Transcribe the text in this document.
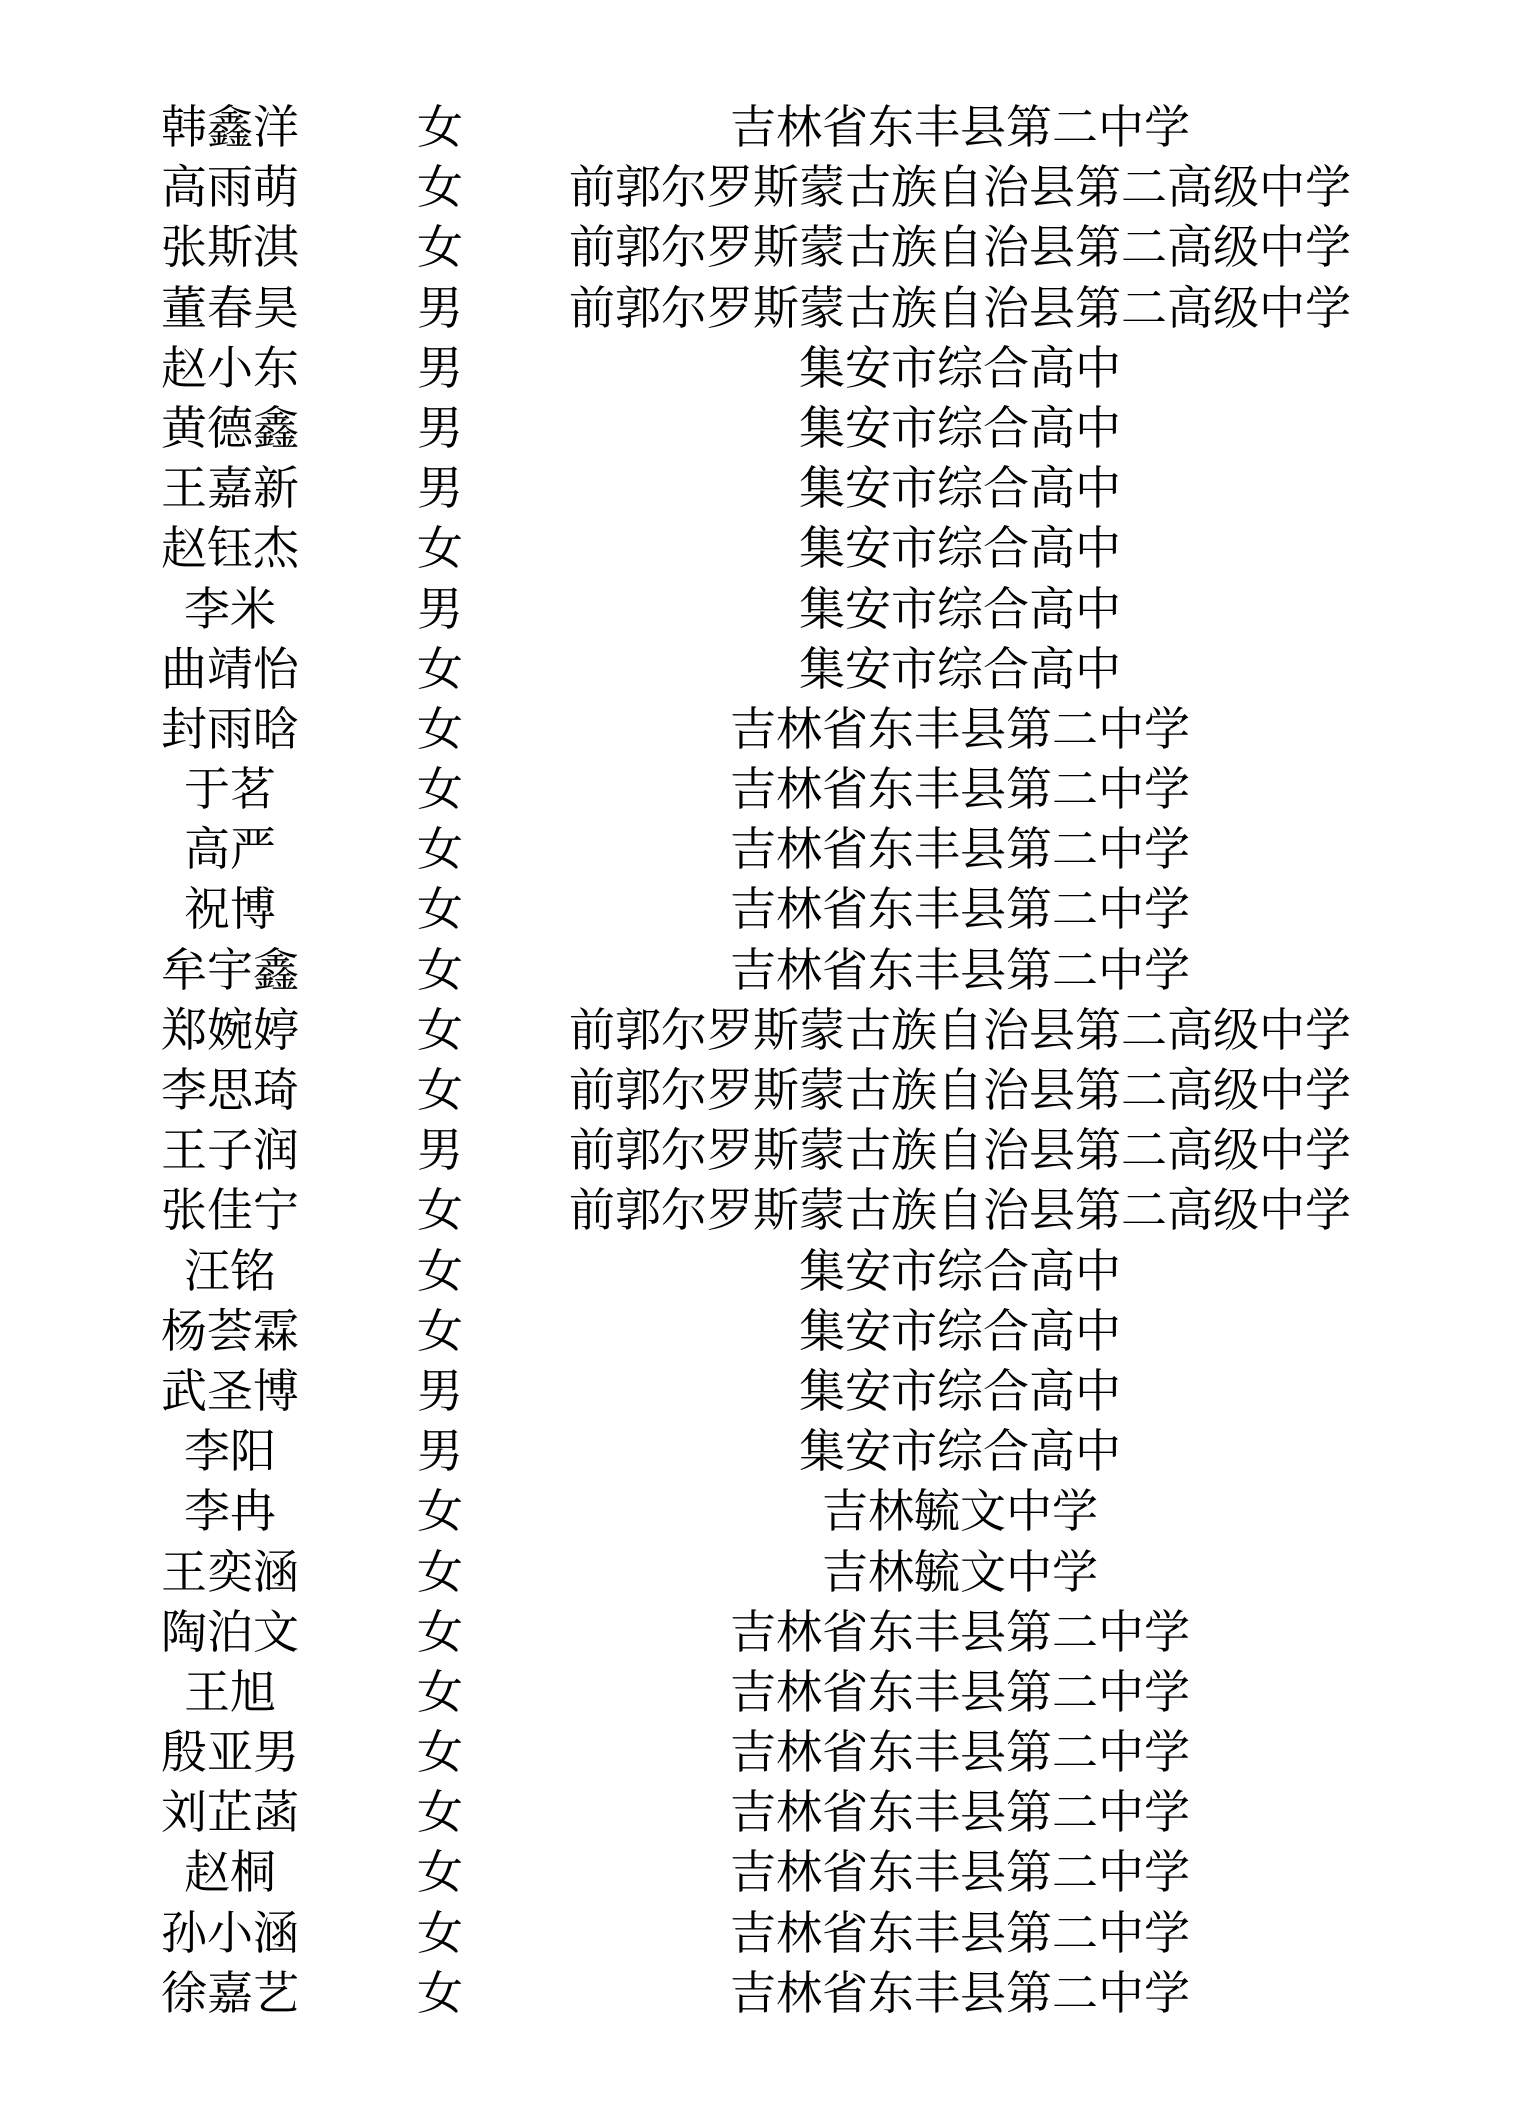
韩鑫洋	女	吉林省东丰县第二中学
高雨萌	女	前郭尔罗斯蒙古族自治县第二高级中学
张斯淇	女	前郭尔罗斯蒙古族自治县第二高级中学
董春昊	男	前郭尔罗斯蒙古族自治县第二高级中学
赵小东	男	集安市综合高中
黄德鑫	男	集安市综合高中
王嘉新	男	集安市综合高中
赵钰杰	女	集安市综合高中
李米	男	集安市综合高中
曲靖怡	女	集安市综合高中
封雨晗	女	吉林省东丰县第二中学
于茗	女	吉林省东丰县第二中学
高严	女	吉林省东丰县第二中学
祝博	女	吉林省东丰县第二中学
牟宇鑫	女	吉林省东丰县第二中学
郑婉婷	女	前郭尔罗斯蒙古族自治县第二高级中学
李思琦	女	前郭尔罗斯蒙古族自治县第二高级中学
王子润	男	前郭尔罗斯蒙古族自治县第二高级中学
张佳宁	女	前郭尔罗斯蒙古族自治县第二高级中学
汪铭	女	集安市综合高中
杨荟霖	女	集安市综合高中
武圣博	男	集安市综合高中
李阳	男	集安市综合高中
李冉	女	吉林毓文中学
王奕涵	女	吉林毓文中学
陶泊文	女	吉林省东丰县第二中学
王旭	女	吉林省东丰县第二中学
殷亚男	女	吉林省东丰县第二中学
刘芷菡	女	吉林省东丰县第二中学
赵桐	女	吉林省东丰县第二中学
孙小涵	女	吉林省东丰县第二中学
徐嘉艺	女	吉林省东丰县第二中学
